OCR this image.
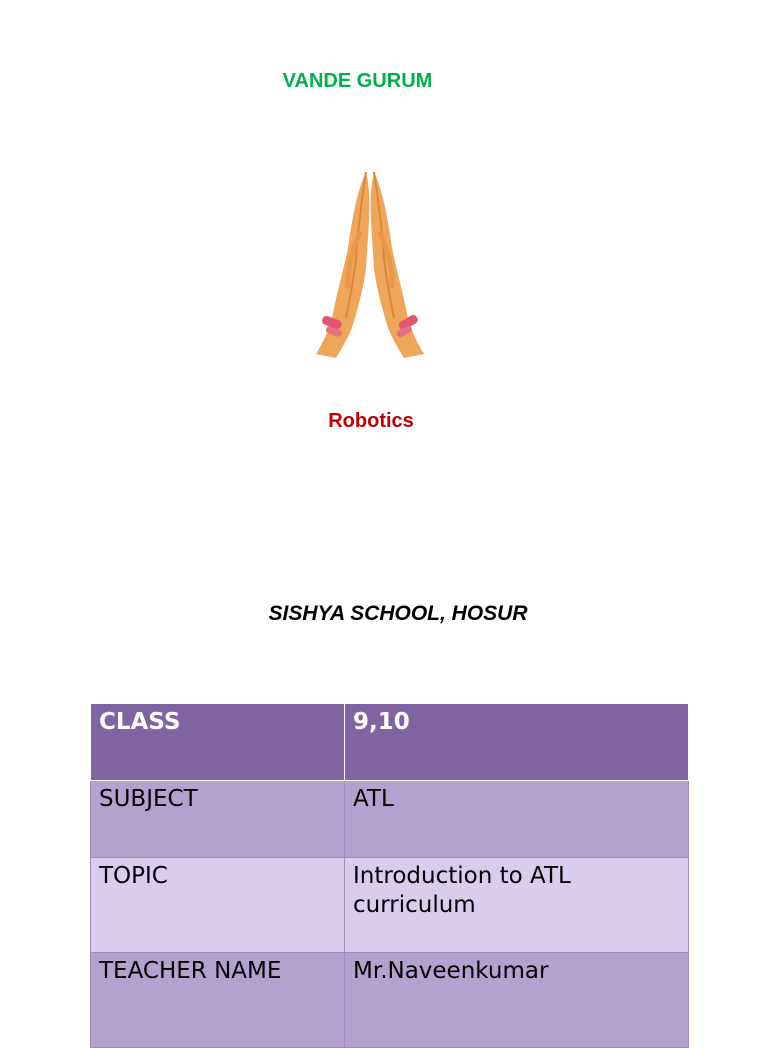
VANDE GURUM
Robotics
SISHYA SCHOOL, HOSUR
CLASS	9,10
SUBJECT	ATL
TOPIC	Introduction to ATL curriculum
TEACHER NAME	Mr.Naveenkumar
